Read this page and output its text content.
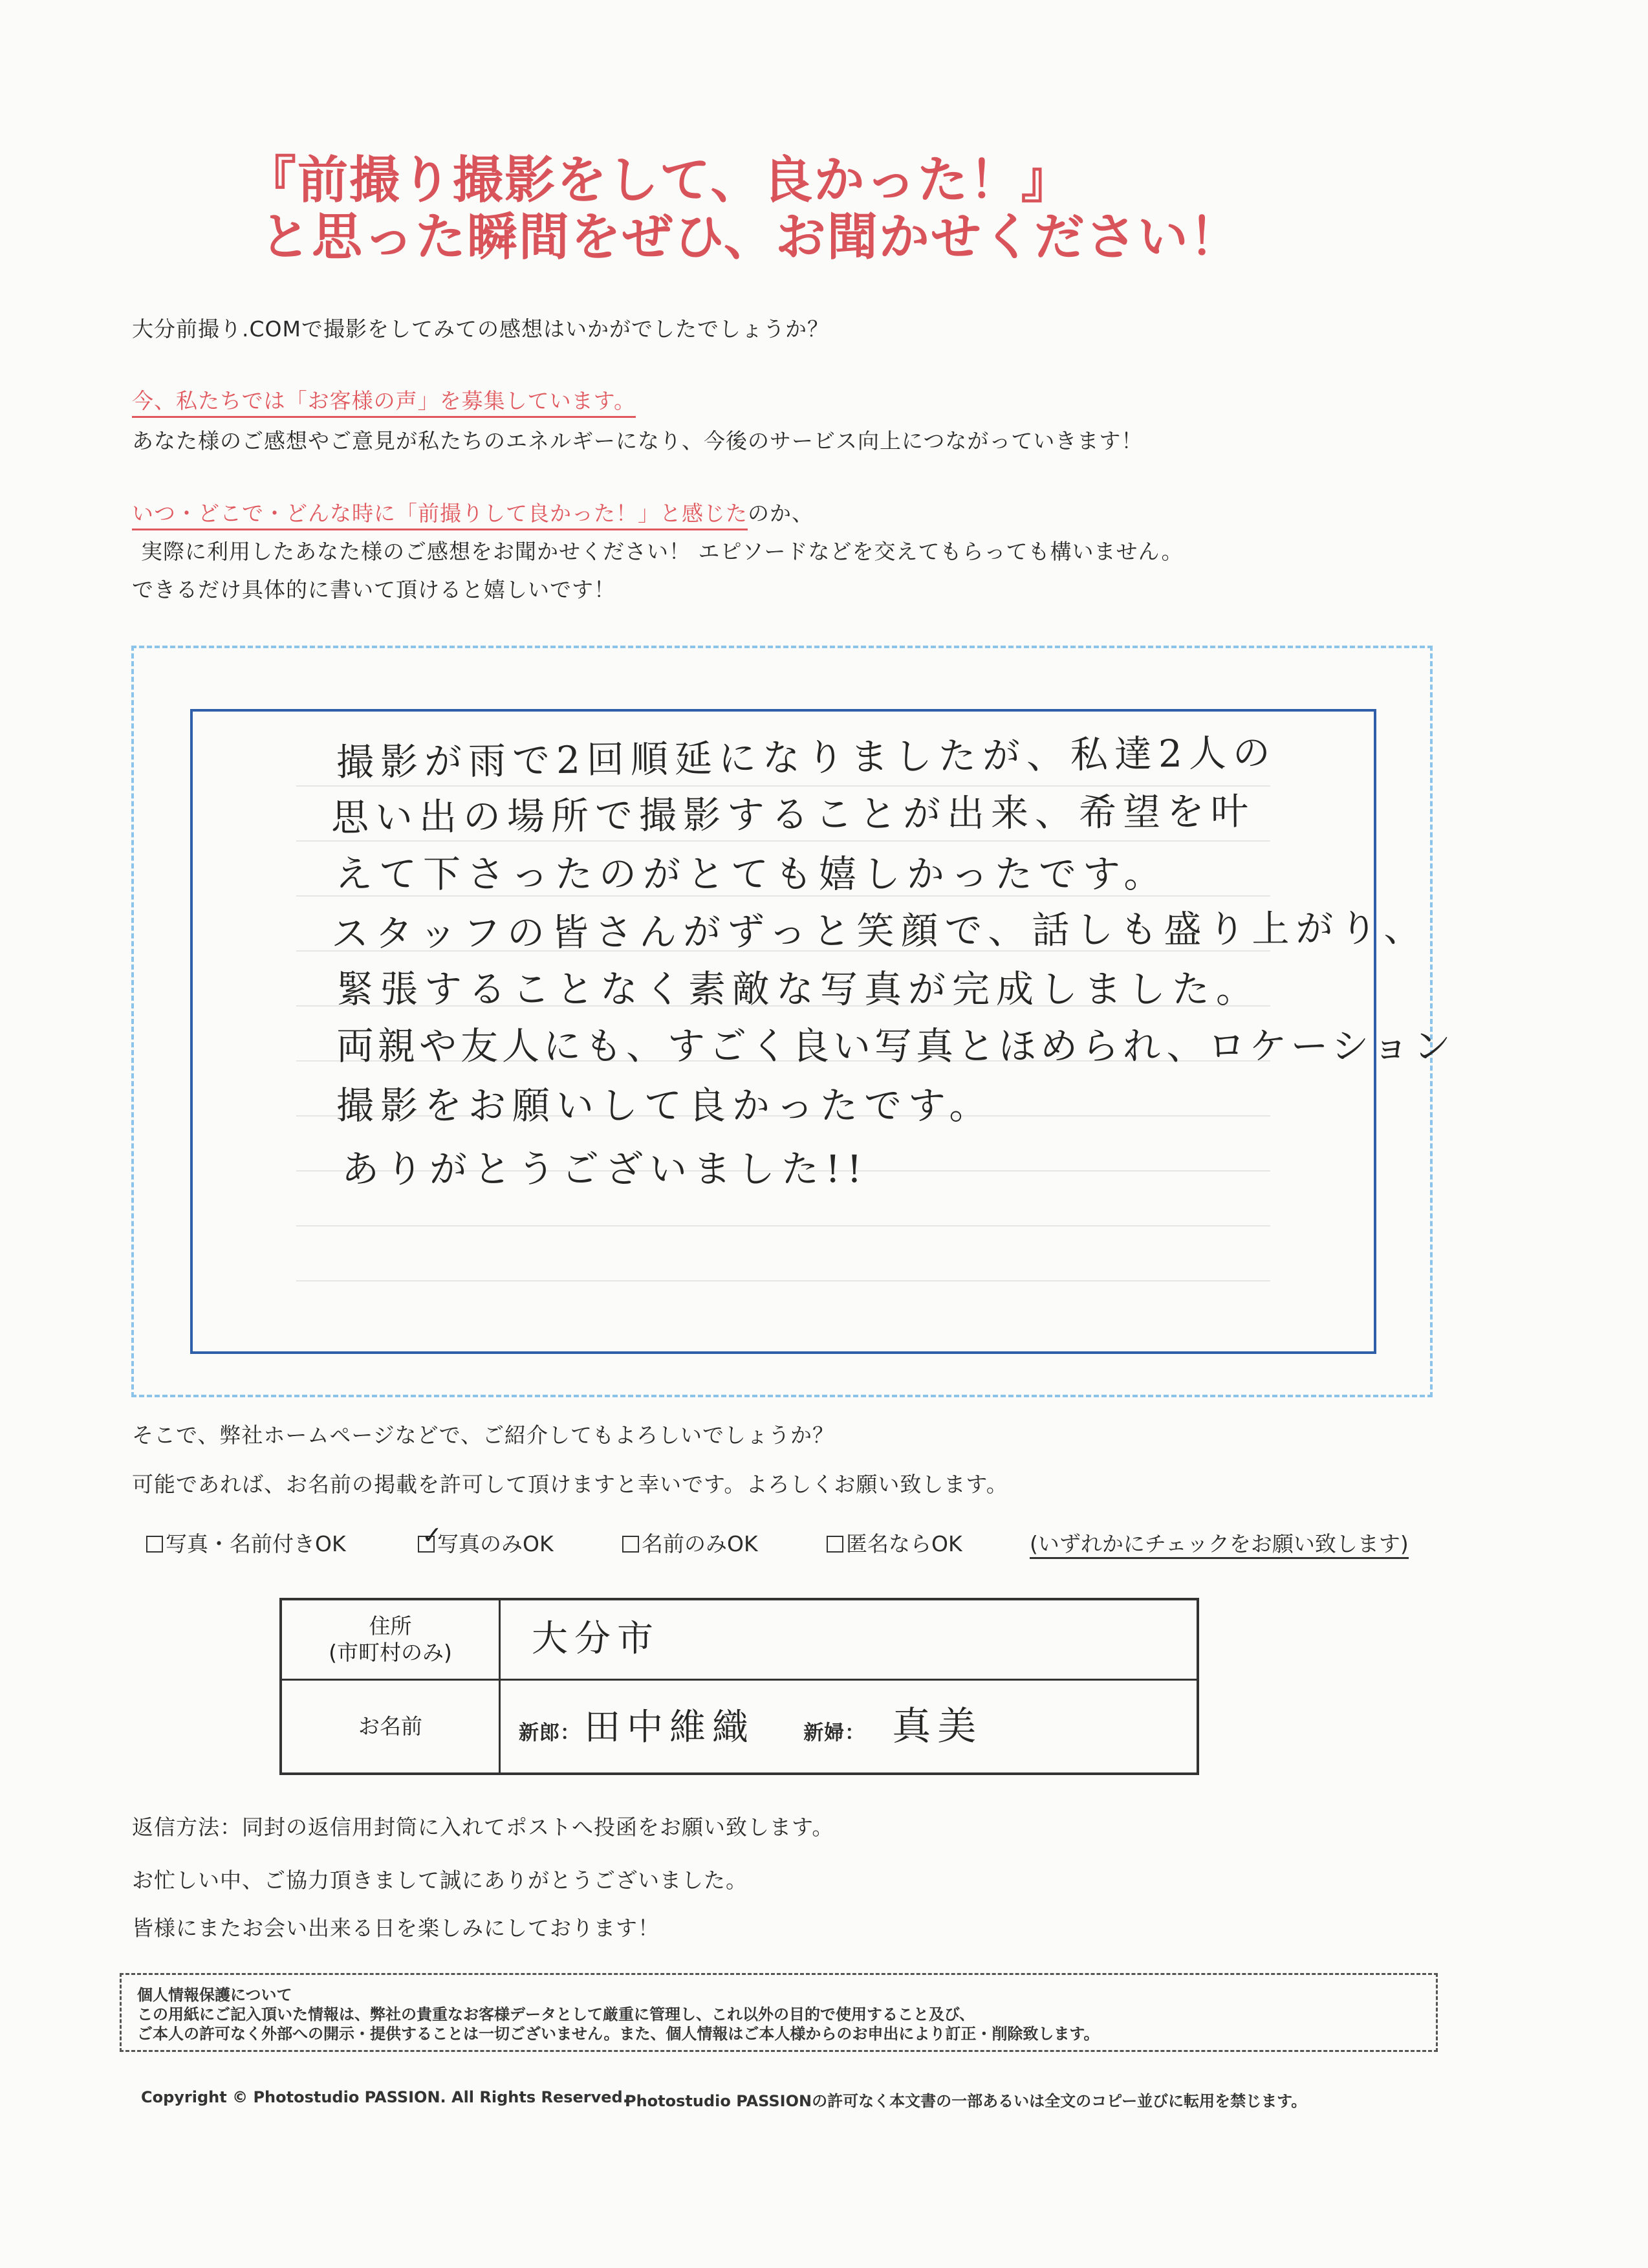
『前撮り撮影をして、良かった！』
と思った瞬間をぜひ、お聞かせください！
大分前撮り.COMで撮影をしてみての感想はいかがでしたでしょうか？
今、私たちでは「お客様の声」を募集しています。
あなた様のご感想やご意見が私たちのエネルギーになり、今後のサービス向上につながっていきます！
いつ・どこで・どんな時に「前撮りして良かった！」と感じたのか、
実際に利用したあなた様のご感想をお聞かせください！ エピソードなどを交えてもらっても構いません。
できるだけ具体的に書いて頂けると嬉しいです！
撮影が雨で2回順延になりましたが、私達2人の
思い出の場所で撮影することが出来、希望を叶
えて下さったのがとても嬉しかったです。
スタッフの皆さんがずっと笑顔で、話しも盛り上がり、
緊張することなく素敵な写真が完成しました。
両親や友人にも、すごく良い写真とほめられ、ロケーション
撮影をお願いして良かったです。
ありがとうございました!!
そこで、弊社ホームページなどで、ご紹介してもよろしいでしょうか？
可能であれば、お名前の掲載を許可して頂けますと幸いです。よろしくお願い致します。
写真・名前付きOK	✓
写真のみOK	名前のみOK	匿名ならOK	(いずれかにチェックをお願い致します)
住所
(市町村のみ)	大分市
お名前	新郎： 田中維織 新婦： 真美
返信方法：同封の返信用封筒に入れてポストへ投函をお願い致します。
お忙しい中、ご協力頂きまして誠にありがとうございました。
皆様にまたお会い出来る日を楽しみにしております！
個人情報保護について
この用紙にご記入頂いた情報は、弊社の貴重なお客様データとして厳重に管理し、これ以外の目的で使用すること及び、
ご本人の許可なく外部への開示・提供することは一切ございません。また、個人情報はご本人様からのお申出により訂正・削除致します。
Copyright © Photostudio PASSION. All Rights Reserved.
Photostudio PASSIONの許可なく本文書の一部あるいは全文のコピー並びに転用を禁じます。
